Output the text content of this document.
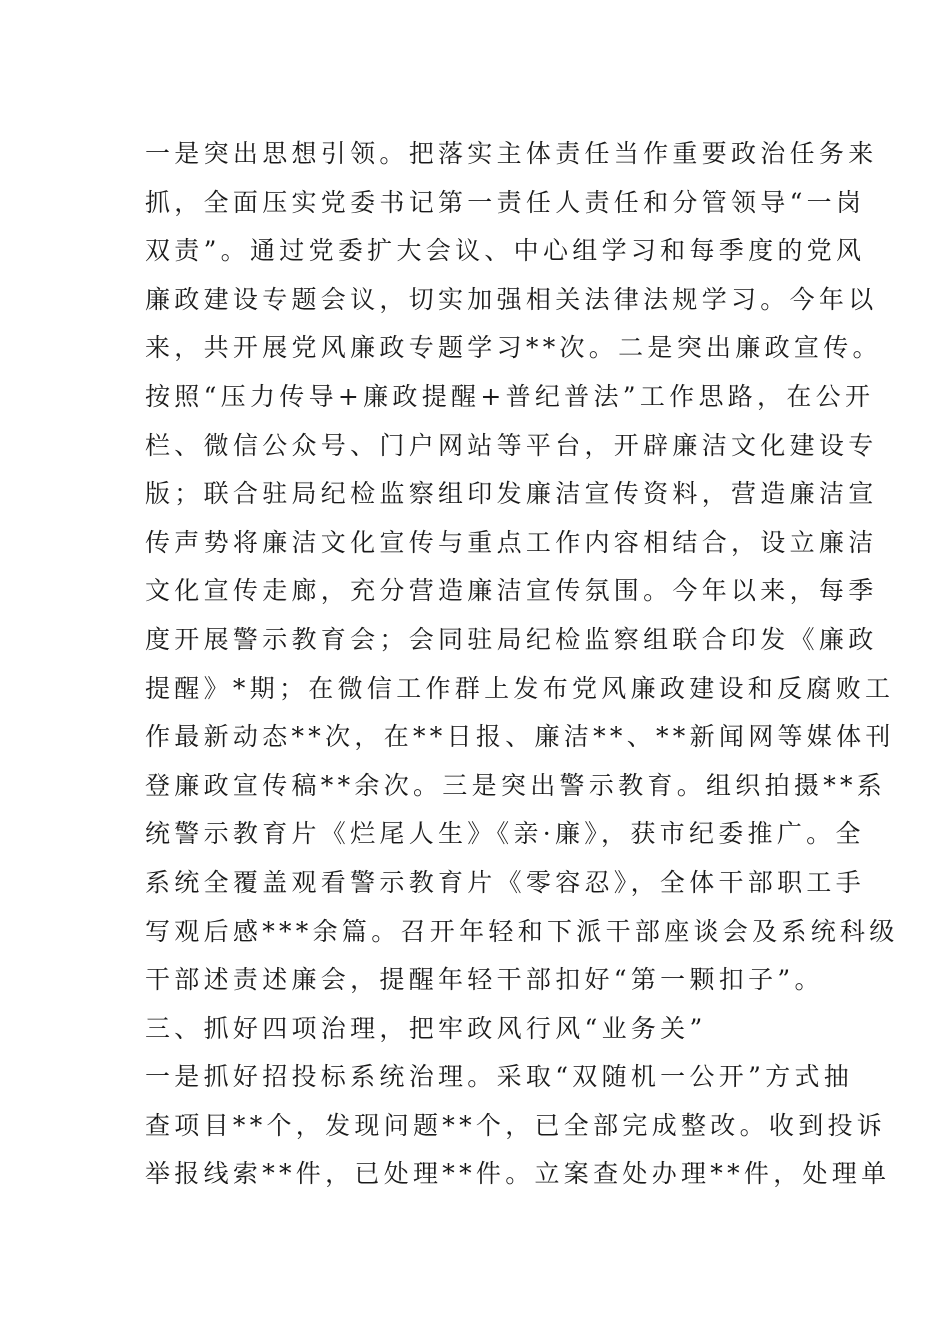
一是突出思想引领。把落实主体责任当作重要政治任务来
抓，全面压实党委书记第一责任人责任和分管领导“一岗
双责”。通过党委扩大会议、中心组学习和每季度的党风
廉政建设专题会议，切实加强相关法律法规学习。今年以
来，共开展党风廉政专题学习**次。二是突出廉政宣传。
按照“压力传导+廉政提醒+普纪普法”工作思路，在公开
栏、微信公众号、门户网站等平台，开辟廉洁文化建设专
版；联合驻局纪检监察组印发廉洁宣传资料，营造廉洁宣
传声势将廉洁文化宣传与重点工作内容相结合，设立廉洁
文化宣传走廊，充分营造廉洁宣传氛围。今年以来，每季
度开展警示教育会；会同驻局纪检监察组联合印发《廉政
提醒》*期；在微信工作群上发布党风廉政建设和反腐败工
作最新动态**次，在**日报、廉洁**、**新闻网等媒体刊
登廉政宣传稿**余次。三是突出警示教育。组织拍摄**系
统警示教育片《烂尾人生》《亲·廉》，获市纪委推广。全
系统全覆盖观看警示教育片《零容忍》，全体干部职工手
写观后感***余篇。召开年轻和下派干部座谈会及系统科级
干部述责述廉会，提醒年轻干部扣好“第一颗扣子”。
三、抓好四项治理，把牢政风行风“业务关”
一是抓好招投标系统治理。采取“双随机一公开”方式抽
查项目**个，发现问题**个，已全部完成整改。收到投诉
举报线索**件，已处理**件。立案查处办理**件，处理单
